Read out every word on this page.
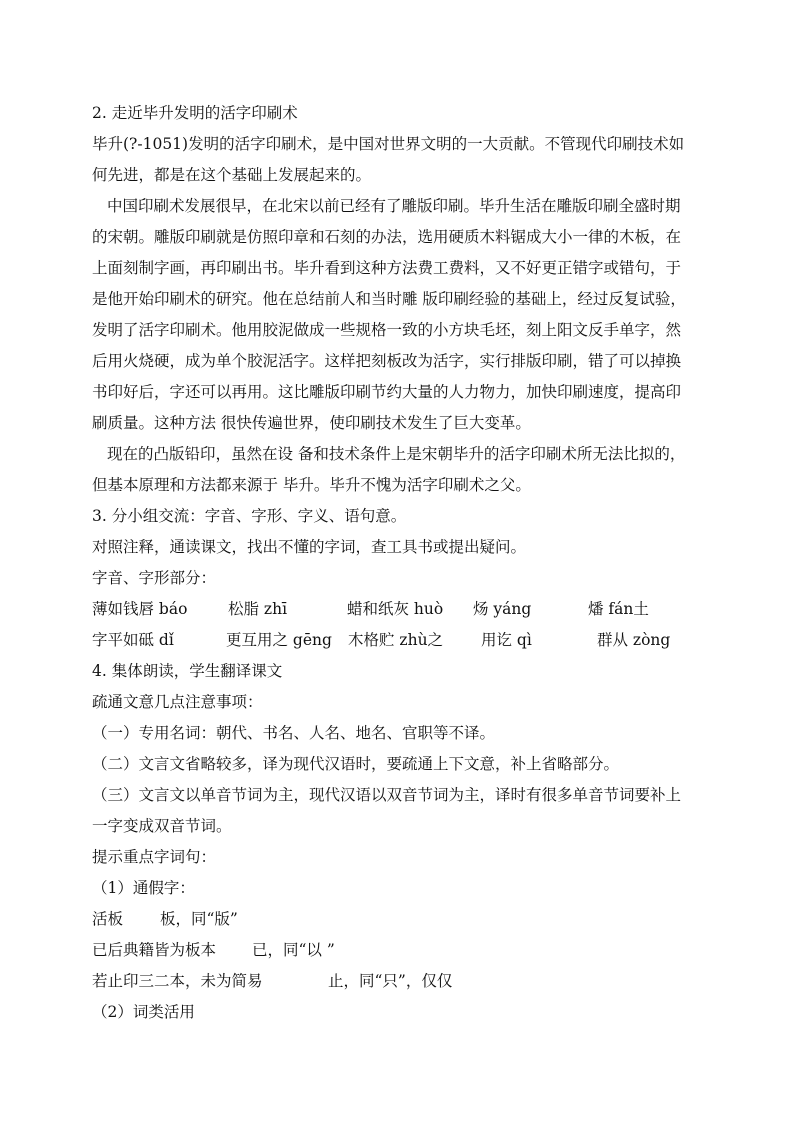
2. 走近毕升发明的活字印刷术
毕升(?-1051)发明的活字印刷术，是中国对世界文明的一大贡献。不管现代印刷技术如
何先进，都是在这个基础上发展起来的。
中国印刷术发展很早，在北宋以前已经有了雕版印刷。毕升生活在雕版印刷全盛时期
的宋朝。雕版印刷就是仿照印章和石刻的办法，选用硬质木料锯成大小一律的木板，在
上面刻制字画，再印刷出书。毕升看到这种方法费工费料，又不好更正错字或错句，于
是他开始印刷术的研究。他在总结前人和当时雕 版印刷经验的基础上，经过反复试验，
发明了活字印刷术。他用胶泥做成一些规格一致的小方块毛坯，刻上阳文反手单字，然
后用火烧硬，成为单个胶泥活字。这样把刻板改为活字，实行排版印刷，错了可以掉换
书印好后，字还可以再用。这比雕版印刷节约大量的人力物力，加快印刷速度，提高印
刷质量。这种方法 很快传遍世界，使印刷技术发生了巨大变革。
现在的凸版铅印，虽然在设 备和技术条件上是宋朝毕升的活字印刷术所无法比拟的，
但基本原理和方法都来源于 毕升。毕升不愧为活字印刷术之父。
3. 分小组交流：字音、字形、字义、语句意。
对照注释，通读课文，找出不懂的字词，查工具书或提出疑问。
字音、字形部分：
薄如钱唇 báo	松脂 zhī	蜡和纸灰 huò 炀 yáng	燔 fán土
字平如砥 dǐ	更互用之 gēng 木格贮 zhù之 用讫 qì	群从 zòng
4. 集体朗读，学生翻译课文
疏通文意几点注意事项：
（一）专用名词：朝代、书名、人名、地名、官职等不译。
（二）文言文省略较多，译为现代汉语时，要疏通上下文意，补上省略部分。
（三）文言文以单音节词为主，现代汉语以双音节词为主，译时有很多单音节词要补上
一字变成双音节词。
提示重点字词句：
（1）通假字：
活板 板，同“版”
已后典籍皆为板本 已，同“以 ”
若止印三二本，未为简易	止，同“只”，仅仅
（2）词类活用
